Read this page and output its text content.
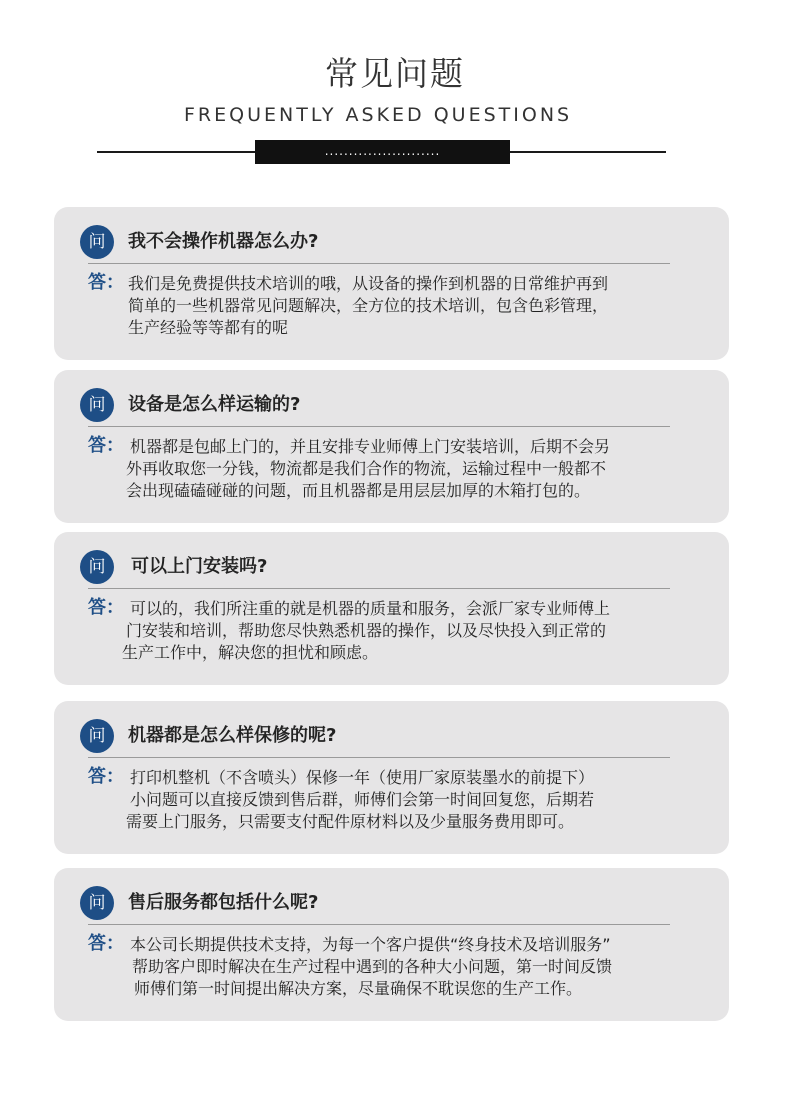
常见问题
FREQUENTLY ASKED QUESTIONS
........................
问	我不会操作机器怎么办?
答： 我们是免费提供技术培训的哦，从设备的操作到机器的日常维护再到
简单的一些机器常见问题解决，全方位的技术培训，包含色彩管理，
生产经验等等都有的呢
问	设备是怎么样运输的?
答： 机器都是包邮上门的，并且安排专业师傅上门安装培训，后期不会另
外再收取您一分钱，物流都是我们合作的物流，运输过程中一般都不
会出现磕磕碰碰的问题，而且机器都是用层层加厚的木箱打包的。
问	可以上门安装吗?
答： 可以的，我们所注重的就是机器的质量和服务，会派厂家专业师傅上
门安装和培训，帮助您尽快熟悉机器的操作，以及尽快投入到正常的
生产工作中，解决您的担忧和顾虑。
问	机器都是怎么样保修的呢?
答： 打印机整机（不含喷头）保修一年（使用厂家原装墨水的前提下）
小问题可以直接反馈到售后群，师傅们会第一时间回复您，后期若
需要上门服务，只需要支付配件原材料以及少量服务费用即可。
问	售后服务都包括什么呢?
答： 本公司长期提供技术支持，为每一个客户提供“终身技术及培训服务”
帮助客户即时解决在生产过程中遇到的各种大小问题，第一时间反馈
师傅们第一时间提出解决方案，尽量确保不耽误您的生产工作。
